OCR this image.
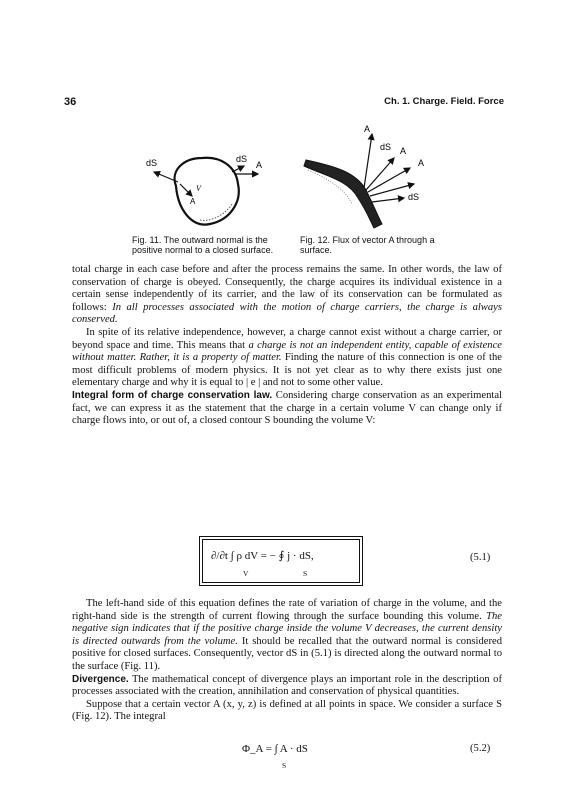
36	Ch. 1. Charge. Field. Force
dS
A
V
dS
A
Fig. 11. The outward normal is the positive normal to a closed surface.
A
dS A
A
dS
Fig. 12. Flux of vector A through a surface.

total charge in each case before and after the process remains the same. In other words, the law of conservation of charge is obeyed. Consequently, the charge acquires its individual existence in a certain sense independently of its carrier, and the law of its conservation can be formulated as follows: In all processes associated with the motion of charge carriers, the charge is always conserved.

In spite of its relative independence, however, a charge cannot exist without a charge carrier, or beyond space and time. This means that a charge is not an independent entity, capable of existence without matter. Rather, it is a property of matter. Finding the nature of this connection is one of the most difficult problems of modern physics. It is not yet clear as to why there exists just one elementary charge and why it is equal to | e | and not to some other value.

Integral form of charge conservation law. Considering charge conservation as an experimental fact, we can express it as the statement that the charge in a certain volume V can change only if charge flows into, or out of, a closed contour S bounding the volume V:

∂/∂t ∫ ρ dV = − ∮ j · dS,
V	S
(5.1)

The left-hand side of this equation defines the rate of variation of charge in the volume, and the right-hand side is the strength of current flowing through the surface bounding this volume. The negative sign indicates that if the positive charge inside the volume V decreases, the current density is directed outwards from the volume. It should be recalled that the outward normal is considered positive for closed surfaces. Consequently, vector dS in (5.1) is directed along the outward normal to the surface (Fig. 11).

Divergence. The mathematical concept of divergence plays an important role in the description of processes associated with the creation, annihilation and conservation of physical quantities.

Suppose that a certain vector A (x, y, z) is defined at all points in space. We consider a surface S (Fig. 12). The integral

Φ_A = ∫ A · dS
S
(5.2)
